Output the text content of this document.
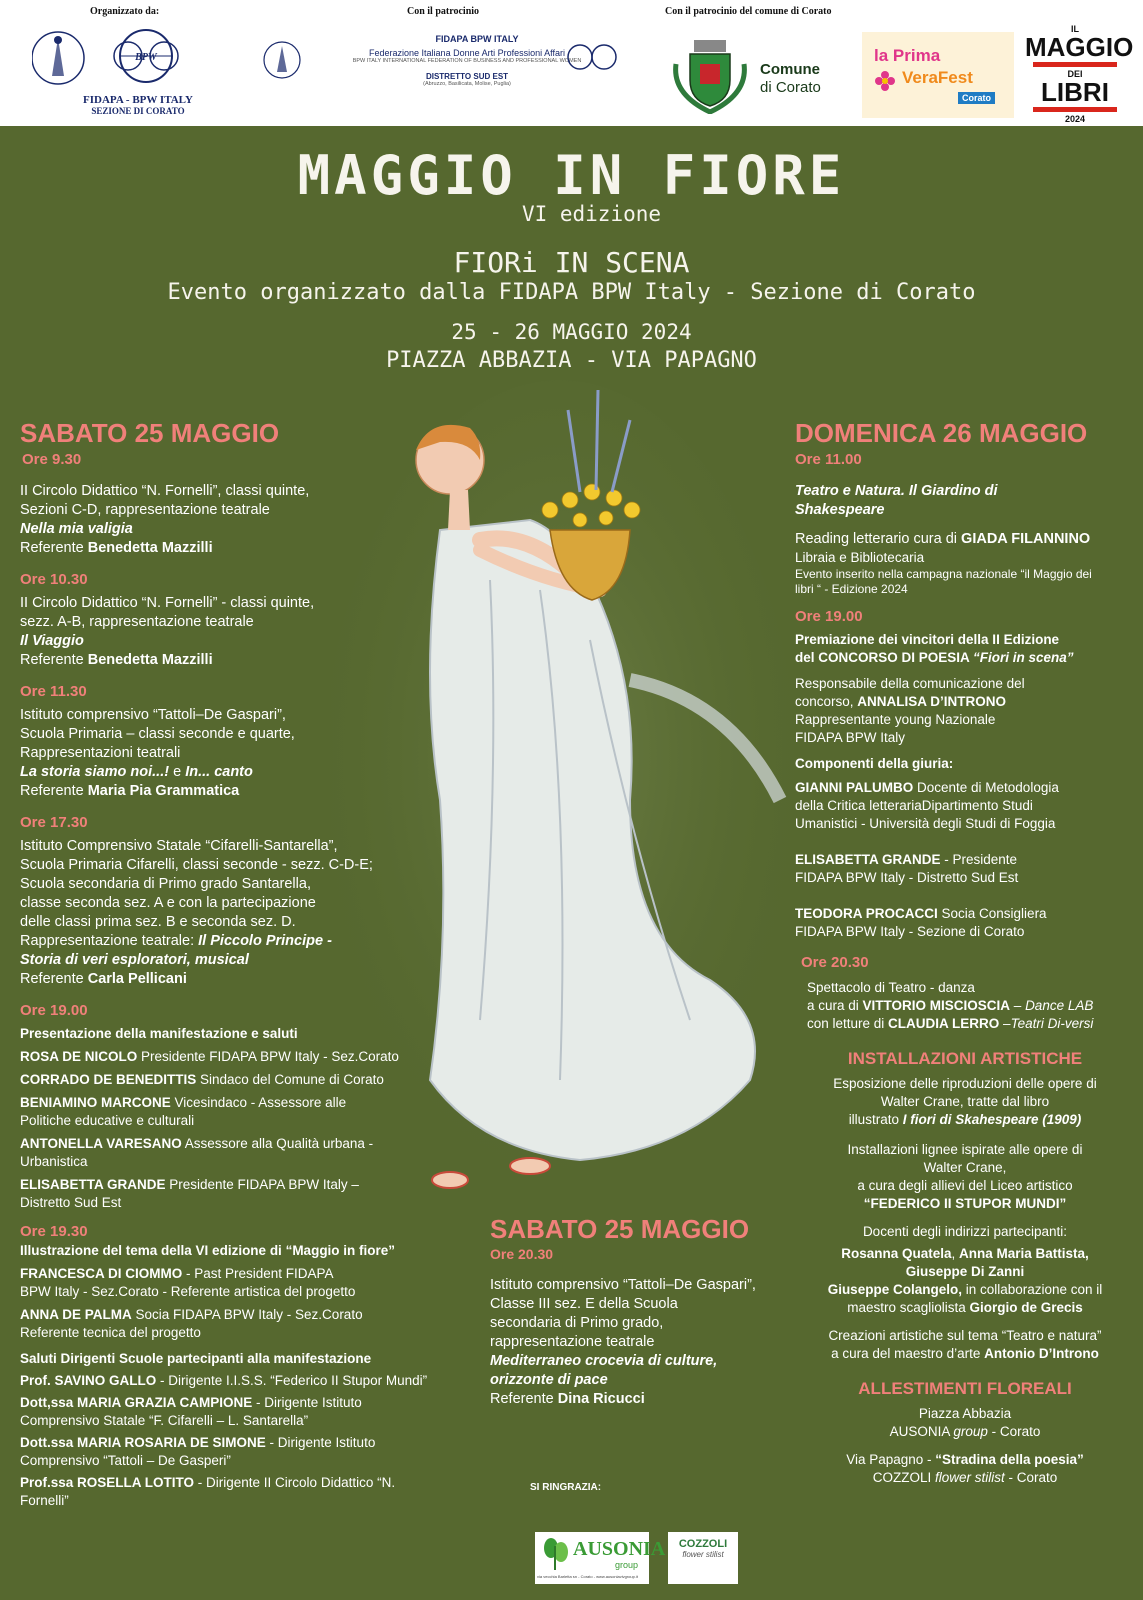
Organizzato da:	Con il patrocinio	Con il patrocinio del comune di Corato
BPW
FIDAPA - BPW ITALY
SEZIONE DI CORATO
FIDAPA BPW ITALY
Federazione Italiana Donne Arti Professioni Affari
BPW ITALY INTERNATIONAL FEDERATION OF BUSINESS AND PROFESSIONAL WOMEN
DISTRETTO SUD EST
(Abruzzo, Basilicata, Molise, Puglia)
Comune
di Corato
la Prima
VeraFest
Corato
IL
MAGGIO
DEI
LIBRI
2024
MAGGIO IN FIORE
VI edizione
FIORi IN SCENA
Evento organizzato dalla FIDAPA BPW Italy - Sezione di Corato
25 - 26 MAGGIO 2024
PIAZZA ABBAZIA - VIA PAPAGNO
SABATO 25 MAGGIO
Ore 9.30
II Circolo Didattico “N. Fornelli”, classi quinte,
Sezioni C-D, rappresentazione teatrale
Nella mia valigia
Referente Benedetta Mazzilli
Ore 10.30
II Circolo Didattico “N. Fornelli” - classi quinte,
sezz. A-B, rappresentazione teatrale
Il Viaggio
Referente Benedetta Mazzilli
Ore 11.30
Istituto comprensivo “Tattoli–De Gaspari”,
Scuola Primaria – classi seconde e quarte,
Rappresentazioni teatrali
La storia siamo noi...! e In... canto
Referente Maria Pia Grammatica
Ore 17.30
Istituto Comprensivo Statale “Cifarelli-Santarella”,
Scuola Primaria Cifarelli, classi seconde - sezz. C-D-E;
Scuola secondaria di Primo grado Santarella,
classe seconda sez. A e con la partecipazione
delle classi prima sez. B e seconda sez. D.
Rappresentazione teatrale: Il Piccolo Principe -
Storia di veri esploratori, musical
Referente Carla Pellicani
Ore 19.00
Presentazione della manifestazione e saluti
ROSA DE NICOLO Presidente FIDAPA BPW Italy - Sez.Corato
CORRADO DE BENEDITTIS Sindaco del Comune di Corato
BENIAMINO MARCONE Vicesindaco - Assessore alle
Politiche educative e culturali
ANTONELLA VARESANO Assessore alla Qualità urbana -
Urbanistica
ELISABETTA GRANDE Presidente FIDAPA BPW Italy –
Distretto Sud Est
Ore 19.30
Illustrazione del tema della VI edizione di “Maggio in fiore”
FRANCESCA DI CIOMMO - Past President FIDAPA
BPW Italy - Sez.Corato - Referente artistica del progetto
ANNA DE PALMA Socia FIDAPA BPW Italy - Sez.Corato
Referente tecnica del progetto
Saluti Dirigenti Scuole partecipanti alla manifestazione
Prof. SAVINO GALLO - Dirigente I.I.S.S. “Federico II Stupor Mundi”
Dott,ssa MARIA GRAZIA CAMPIONE - Dirigente Istituto
Comprensivo Statale “F. Cifarelli – L. Santarella”
Dott.ssa MARIA ROSARIA DE SIMONE - Dirigente Istituto
Comprensivo “Tattoli – De Gasperi”
Prof.ssa ROSELLA LOTITO - Dirigente II Circolo Didattico “N. Fornelli”
SABATO 25 MAGGIO
Ore 20.30
Istituto comprensivo “Tattoli–De Gaspari”,
Classe III sez. E della Scuola
secondaria di Primo grado,
rappresentazione teatrale
Mediterraneo crocevia di culture,
orizzonte di pace
Referente Dina Ricucci
SI RINGRAZIA:
AUSONIA
group
via vecchia Barletta sn - Corato - www.ausoniavivgroup.it
COZZOLI
flower stilist
DOMENICA 26 MAGGIO
Ore 11.00
Teatro e Natura. Il Giardino di
Shakespeare
Reading letterario cura di GIADA FILANNINO
Libraia e Bibliotecaria
Evento inserito nella campagna nazionale “il Maggio dei
libri “ - Edizione 2024
Ore 19.00
Premiazione dei vincitori della II Edizione
del CONCORSO DI POESIA “Fiori in scena”
Responsabile della comunicazione del
concorso, ANNALISA D’INTRONO
Rappresentante young Nazionale
FIDAPA BPW Italy
Componenti della giuria:
GIANNI PALUMBO Docente di Metodologia
della Critica letterariaDipartimento Studi
Umanistici - Università degli Studi di Foggia
ELISABETTA GRANDE - Presidente
FIDAPA BPW Italy - Distretto Sud Est
TEODORA PROCACCI Socia Consigliera
FIDAPA BPW Italy - Sezione di Corato
Ore 20.30
Spettacolo di Teatro - danza
a cura di VITTORIO MISCIOSCIA – Dance LAB
con letture di CLAUDIA LERRO –Teatri Di-versi
INSTALLAZIONI ARTISTICHE
Esposizione delle riproduzioni delle opere di
Walter Crane, tratte dal libro
illustrato I fiori di Skahespeare (1909)
Installazioni lignee ispirate alle opere di
Walter Crane,
a cura degli allievi del Liceo artistico
“FEDERICO II STUPOR MUNDI”
Docenti degli indirizzi partecipanti:
Rosanna Quatela, Anna Maria Battista,
Giuseppe Di Zanni
Giuseppe Colangelo, in collaborazione con il
maestro scagliolista Giorgio de Grecis
Creazioni artistiche sul tema “Teatro e natura”
a cura del maestro d’arte Antonio D’Introno
ALLESTIMENTI FLOREALI
Piazza Abbazia
AUSONIA group - Corato
Via Papagno - “Stradina della poesia”
COZZOLI flower stilist - Corato
